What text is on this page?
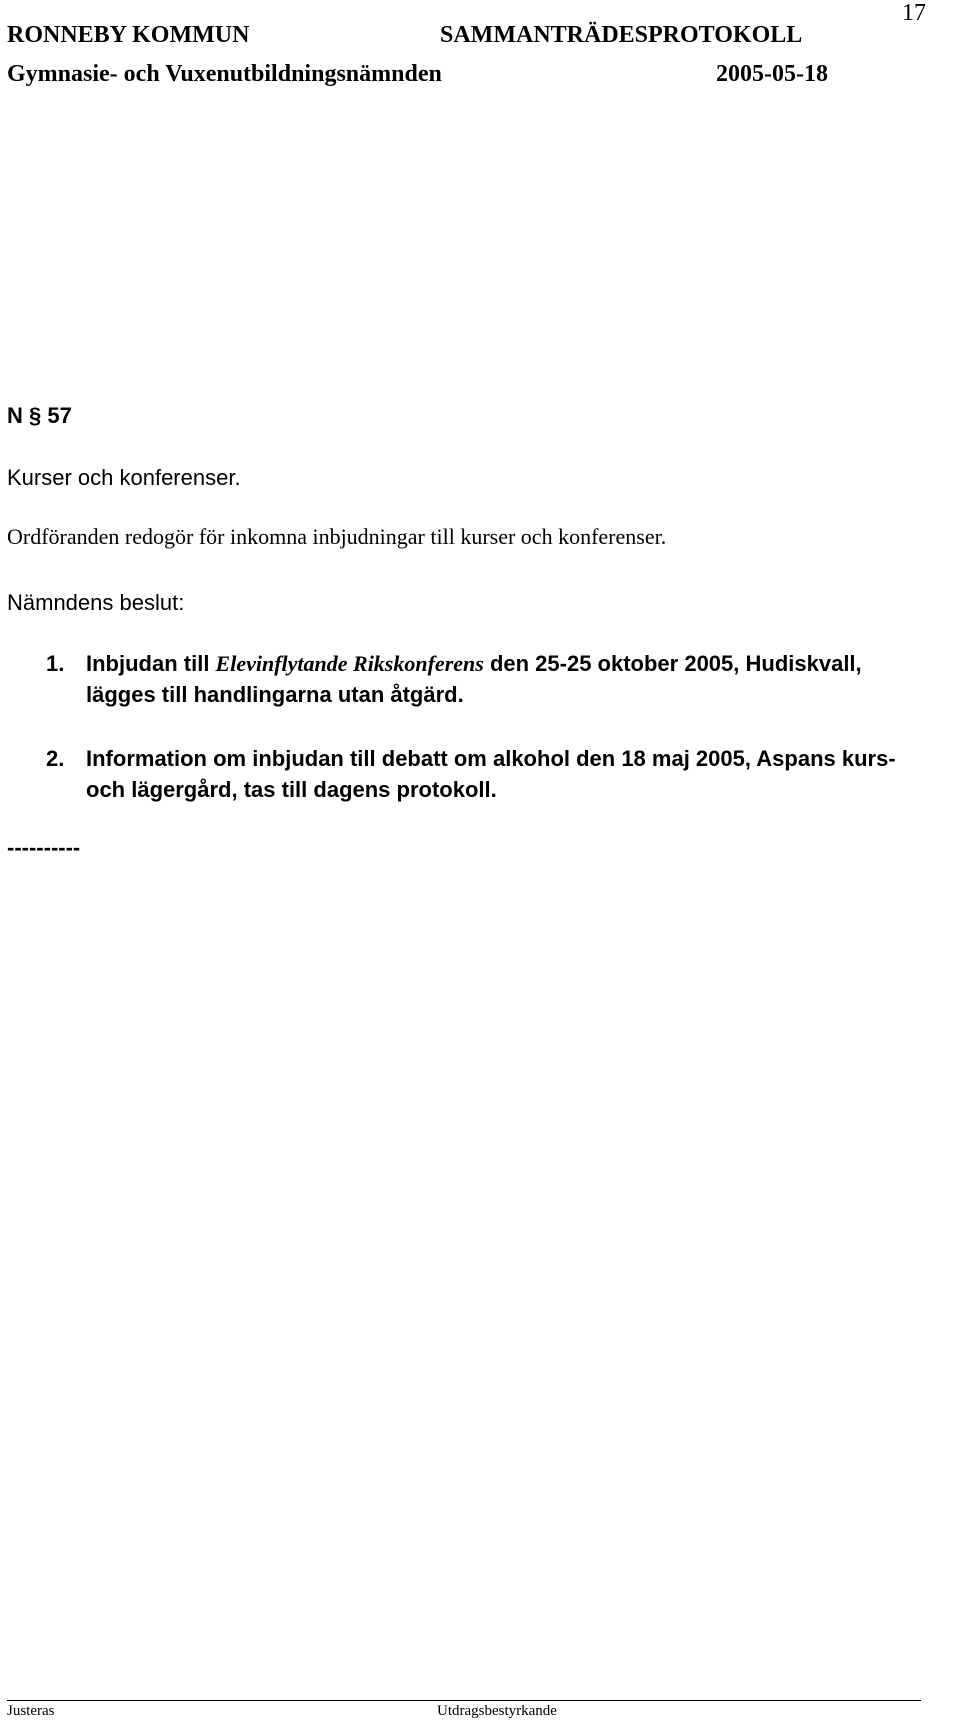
17
RONNEBY KOMMUN	SAMMANTRÄDESPROTOKOLL
Gymnasie- och Vuxenutbildningsnämnden	2005-05-18
N § 57
Kurser och konferenser.
Ordföranden redogör för inkomna inbjudningar till kurser och konferenser.
Nämndens beslut:
1. Inbjudan till Elevinflytande Rikskonferens den 25-25 oktober 2005, Hudiskvall, lägges till handlingarna utan åtgärd.
2. Information om inbjudan till debatt om alkohol den 18 maj 2005, Aspans kurs- och lägergård, tas till dagens protokoll.
----------
Justeras	Utdragsbestyrkande
